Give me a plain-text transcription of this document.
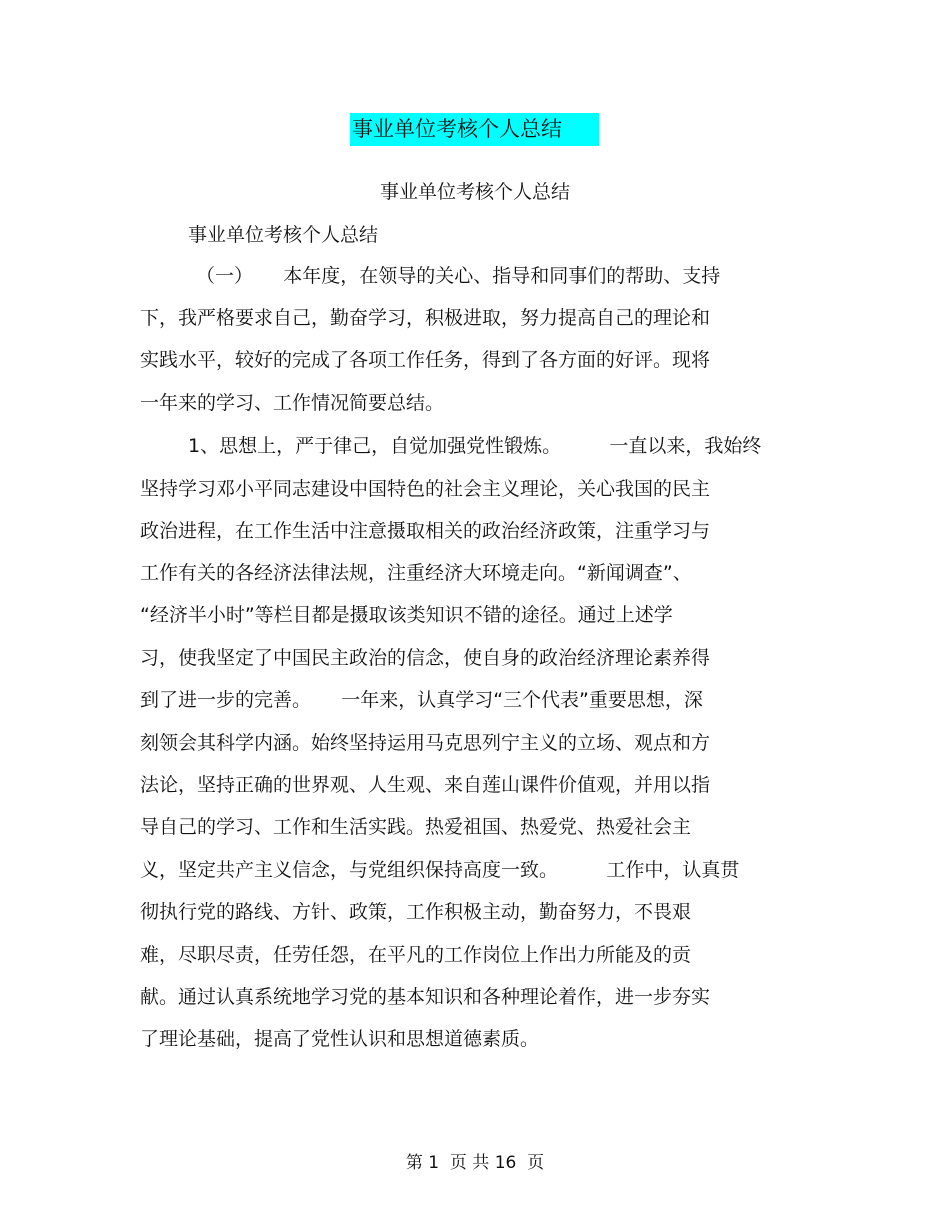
事业单位考核个人总结
事业单位考核个人总结
事业单位考核个人总结
（一）     本年度，在领导的关心、指导和同事们的帮助、支持
下，我严格要求自己，勤奋学习，积极进取，努力提高自己的理论和
实践水平，较好的完成了各项工作任务，得到了各方面的好评。现将
一年来的学习、工作情况简要总结。
1、思想上，严于律己，自觉加强党性锻炼。        一直以来，我始终
坚持学习邓小平同志建设中国特色的社会主义理论，关心我国的民主
政治进程，在工作生活中注意摄取相关的政治经济政策，注重学习与
工作有关的各经济法律法规，注重经济大环境走向。“新闻调查”、
“经济半小时”等栏目都是摄取该类知识不错的途径。通过上述学
习，使我坚定了中国民主政治的信念，使自身的政治经济理论素养得
到了进一步的完善。     一年来，认真学习“三个代表”重要思想，深
刻领会其科学内涵。始终坚持运用马克思列宁主义的立场、观点和方
法论，坚持正确的世界观、人生观、来自莲山课件价值观，并用以指
导自己的学习、工作和生活实践。热爱祖国、热爱党、热爱社会主
义，坚定共产主义信念，与党组织保持高度一致。        工作中，认真贯
彻执行党的路线、方针、政策，工作积极主动，勤奋努力，不畏艰
难，尽职尽责，任劳任怨，在平凡的工作岗位上作出力所能及的贡
献。通过认真系统地学习党的基本知识和各种理论着作，进一步夯实
了理论基础，提高了党性认识和思想道德素质。
第 1  页 共 16  页
